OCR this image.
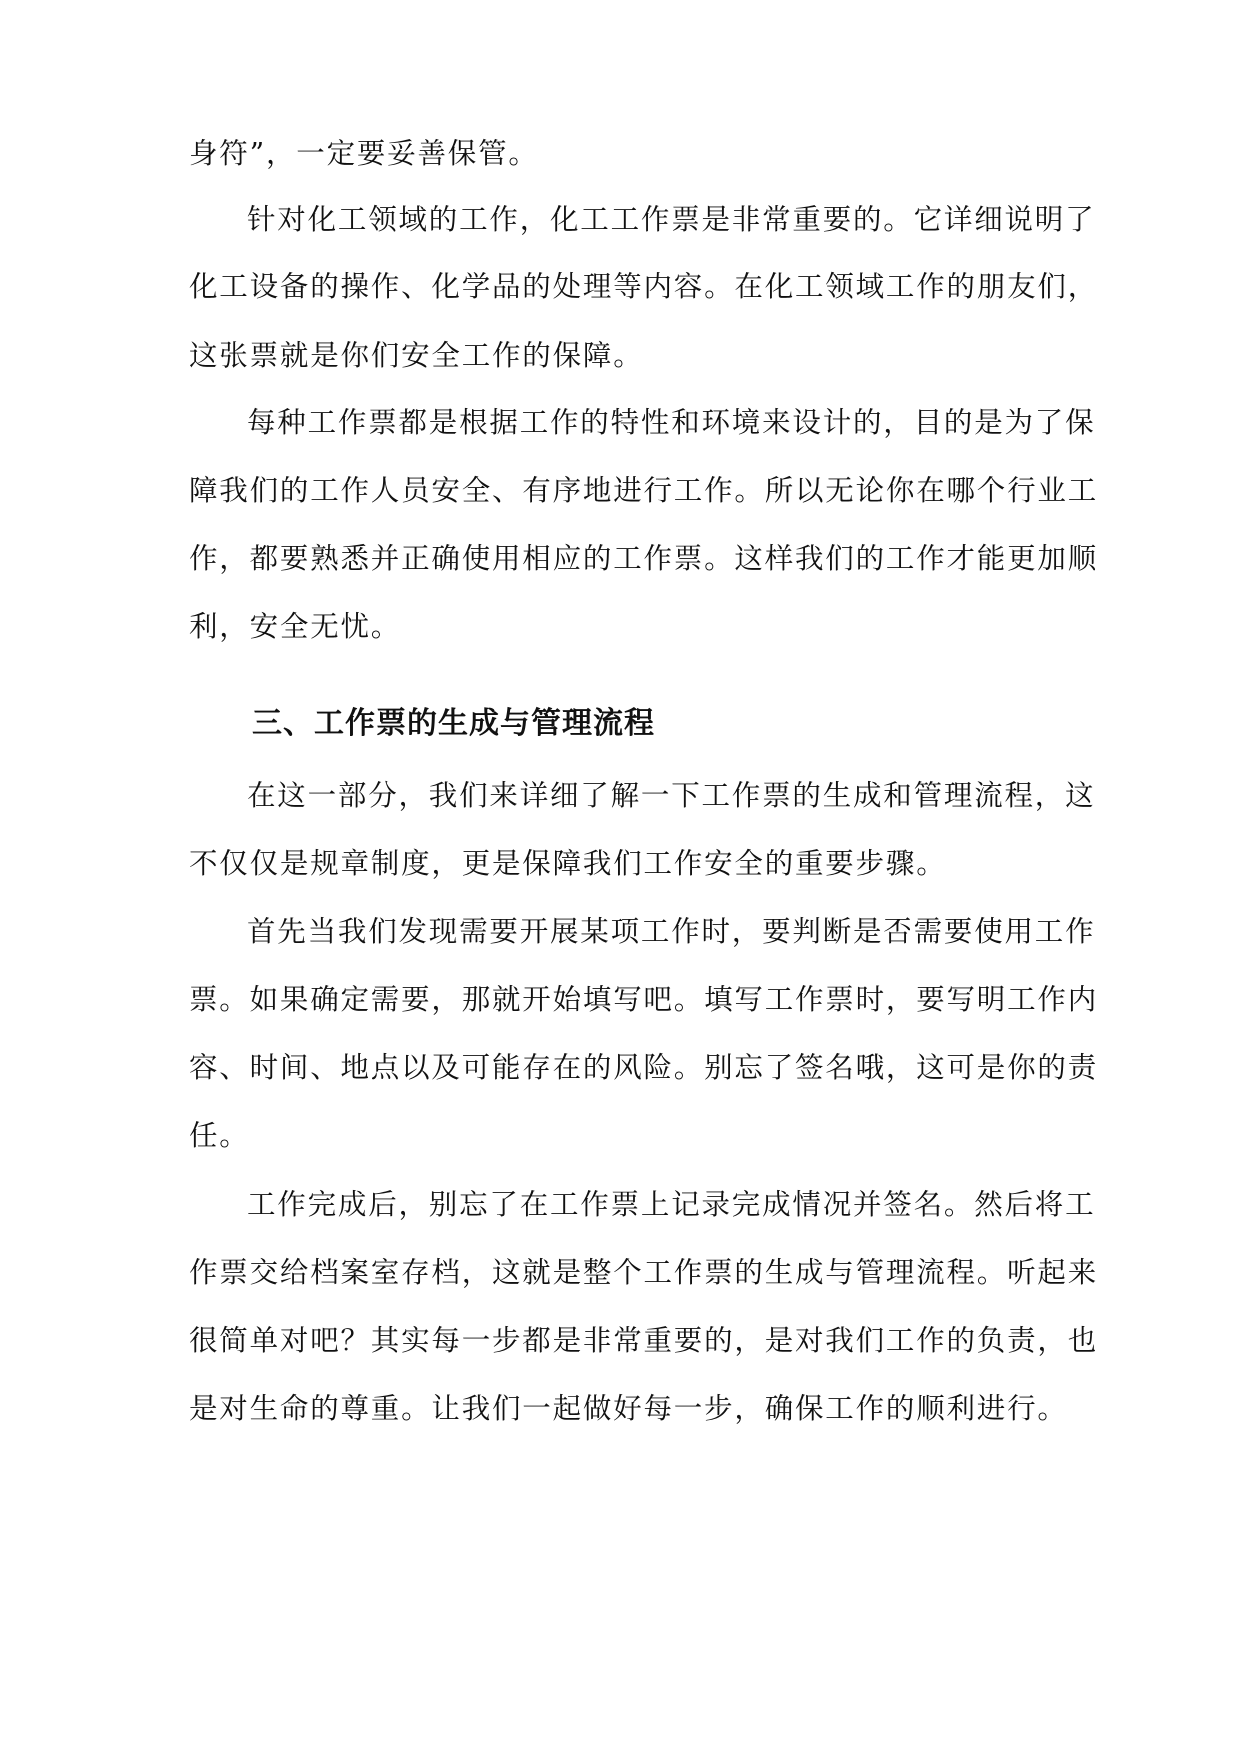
身符”，一定要妥善保管。
针对化工领域的工作，化工工作票是非常重要的。它详细说明了
化工设备的操作、化学品的处理等内容。在化工领域工作的朋友们，
这张票就是你们安全工作的保障。
每种工作票都是根据工作的特性和环境来设计的，目的是为了保
障我们的工作人员安全、有序地进行工作。所以无论你在哪个行业工
作，都要熟悉并正确使用相应的工作票。这样我们的工作才能更加顺
利，安全无忧。
三、工作票的生成与管理流程
在这一部分，我们来详细了解一下工作票的生成和管理流程，这
不仅仅是规章制度，更是保障我们工作安全的重要步骤。
首先当我们发现需要开展某项工作时，要判断是否需要使用工作
票。如果确定需要，那就开始填写吧。填写工作票时，要写明工作内
容、时间、地点以及可能存在的风险。别忘了签名哦，这可是你的责
任。
工作完成后，别忘了在工作票上记录完成情况并签名。然后将工
作票交给档案室存档，这就是整个工作票的生成与管理流程。听起来
很简单对吧？其实每一步都是非常重要的，是对我们工作的负责，也
是对生命的尊重。让我们一起做好每一步，确保工作的顺利进行。
